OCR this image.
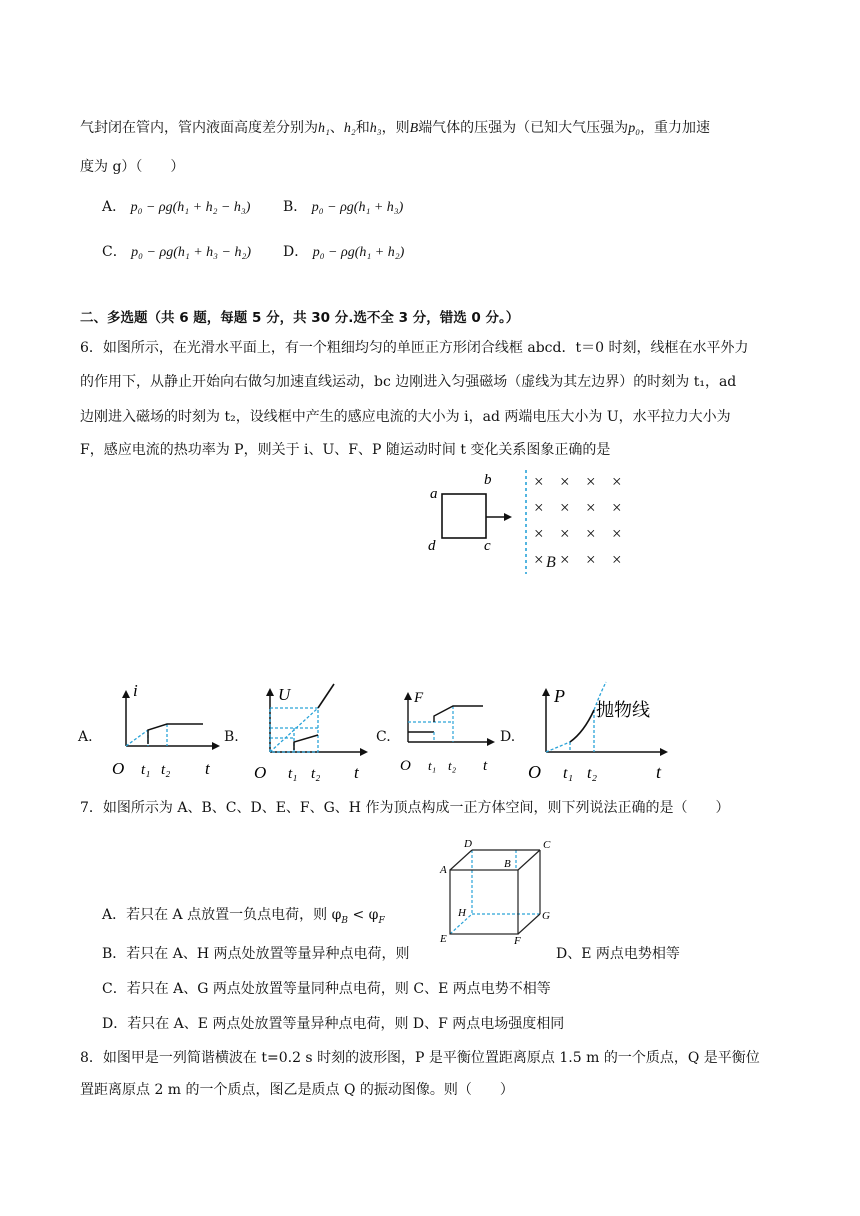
气封闭在管内，管内液面高度差分别为h₁、h₂和h₃，则B端气体的压强为（已知大气压强为p₀，重力加速
度为 g）（　　）
A． p₀ − ρg(h₁ + h₂ − h₃) B． p₀ − ρg(h₁ + h₃)
C． p₀ − ρg(h₁ + h₃ − h₂) D． p₀ − ρg(h₁ + h₂)
二、多选题（共 6 题，每题 5 分，共 30 分.选不全 3 分，错选 0 分。）
6．如图所示，在光滑水平面上，有一个粗细均匀的单匝正方形闭合线框 abcd．t＝0 时刻，线框在水平外力
的作用下，从静止开始向右做匀加速直线运动，bc 边刚进入匀强磁场（虚线为其左边界）的时刻为 t₁，ad
边刚进入磁场的时刻为 t₂，设线框中产生的感应电流的大小为 i，ad 两端电压大小为 U，水平拉力大小为
F，感应电流的热功率为 P，则关于 i、U、F、P 随运动时间 t 变化关系图象正确的是
a
b
d	c
× × × ×
× × × ×
× × × ×
× B × × ×
A.
i
O t₁ t₂ t
B.
U
O t₁ t₂ t
C.
F
O t₁ t₂ t
D.
P
抛物线
O t₁ t₂	t
7．如图所示为 A、B、C、D、E、F、G、H 作为顶点构成一正方体空间，则下列说法正确的是（　　）
D	C
A	B
H	G
E	F
A．若只在 A 点放置一负点电荷，则 $\varphi_B < \varphi_F$
B．若只在 A、H 两点处放置等量异种点电荷，则	D、E 两点电势相等
C．若只在 A、G 两点处放置等量同种点电荷，则 C、E 两点电势不相等
D．若只在 A、E 两点处放置等量异种点电荷，则 D、F 两点电场强度相同
8．如图甲是一列简谐横波在 t=0.2 s 时刻的波形图，P 是平衡位置距离原点 1.5 m 的一个质点，Q 是平衡位
置距离原点 2 m 的一个质点，图乙是质点 Q 的振动图像。则（　　）
